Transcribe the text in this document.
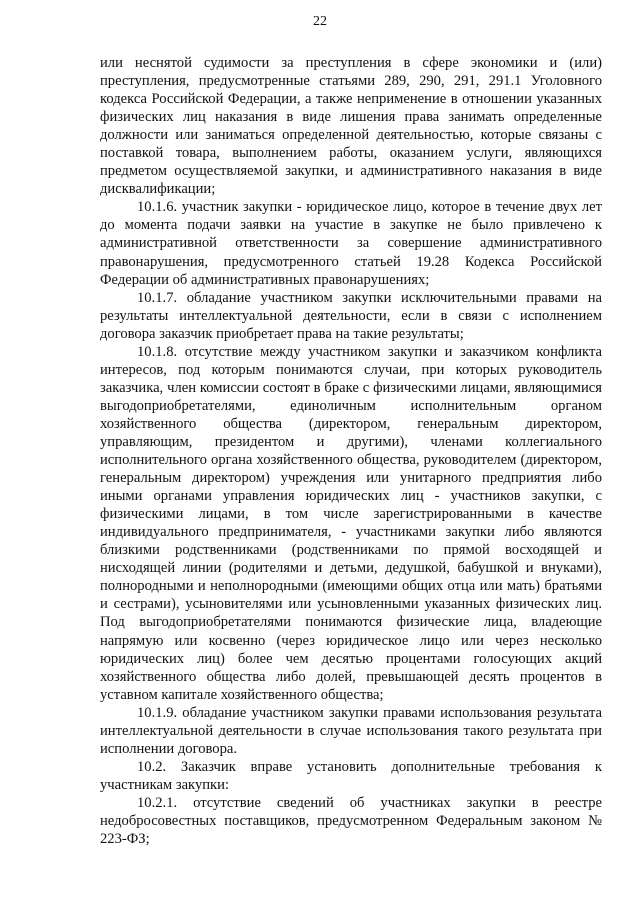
22

или неснятой судимости за преступления в сфере экономики и (или) преступления, предусмотренные статьями 289, 290, 291, 291.1 Уголовного кодекса Российской Федерации, а также неприменение в отношении указанных физических лиц наказания в виде лишения права занимать определенные должности или заниматься определенной деятельностью, которые связаны с поставкой товара, выполнением работы, оказанием услуги, являющихся предметом осуществляемой закупки, и административного наказания в виде дисквалификации;

10.1.6. участник закупки - юридическое лицо, которое в течение двух лет до момента подачи заявки на участие в закупке не было привлечено к административной ответственности за совершение административного правонарушения, предусмотренного статьей 19.28 Кодекса Российской Федерации об административных правонарушениях;

10.1.7. обладание участником закупки исключительными правами на результаты интеллектуальной деятельности, если в связи с исполнением договора заказчик приобретает права на такие результаты;

10.1.8. отсутствие между участником закупки и заказчиком конфликта интересов, под которым понимаются случаи, при которых руководитель заказчика, член комиссии состоят в браке с физическими лицами, являющимися выгодоприобретателями, единоличным исполнительным органом хозяйственного общества (директором, генеральным директором, управляющим, президентом и другими), членами коллегиального исполнительного органа хозяйственного общества, руководителем (директором, генеральным директором) учреждения или унитарного предприятия либо иными органами управления юридических лиц - участников закупки, с физическими лицами, в том числе зарегистрированными в качестве индивидуального предпринимателя, - участниками закупки либо являются близкими родственниками (родственниками по прямой восходящей и нисходящей линии (родителями и детьми, дедушкой, бабушкой и внуками), полнородными и неполнородными (имеющими общих отца или мать) братьями и сестрами), усыновителями или усыновленными указанных физических лиц. Под выгодоприобретателями понимаются физические лица, владеющие напрямую или косвенно (через юридическое лицо или через несколько юридических лиц) более чем десятью процентами голосующих акций хозяйственного общества либо долей, превышающей десять процентов в уставном капитале хозяйственного общества;

10.1.9. обладание участником закупки правами использования результата интеллектуальной деятельности в случае использования такого результата при исполнении договора.

10.2. Заказчик вправе установить дополнительные требования к участникам закупки:

10.2.1. отсутствие сведений об участниках закупки в реестре недобросовестных поставщиков, предусмотренном Федеральным законом № 223-ФЗ;
